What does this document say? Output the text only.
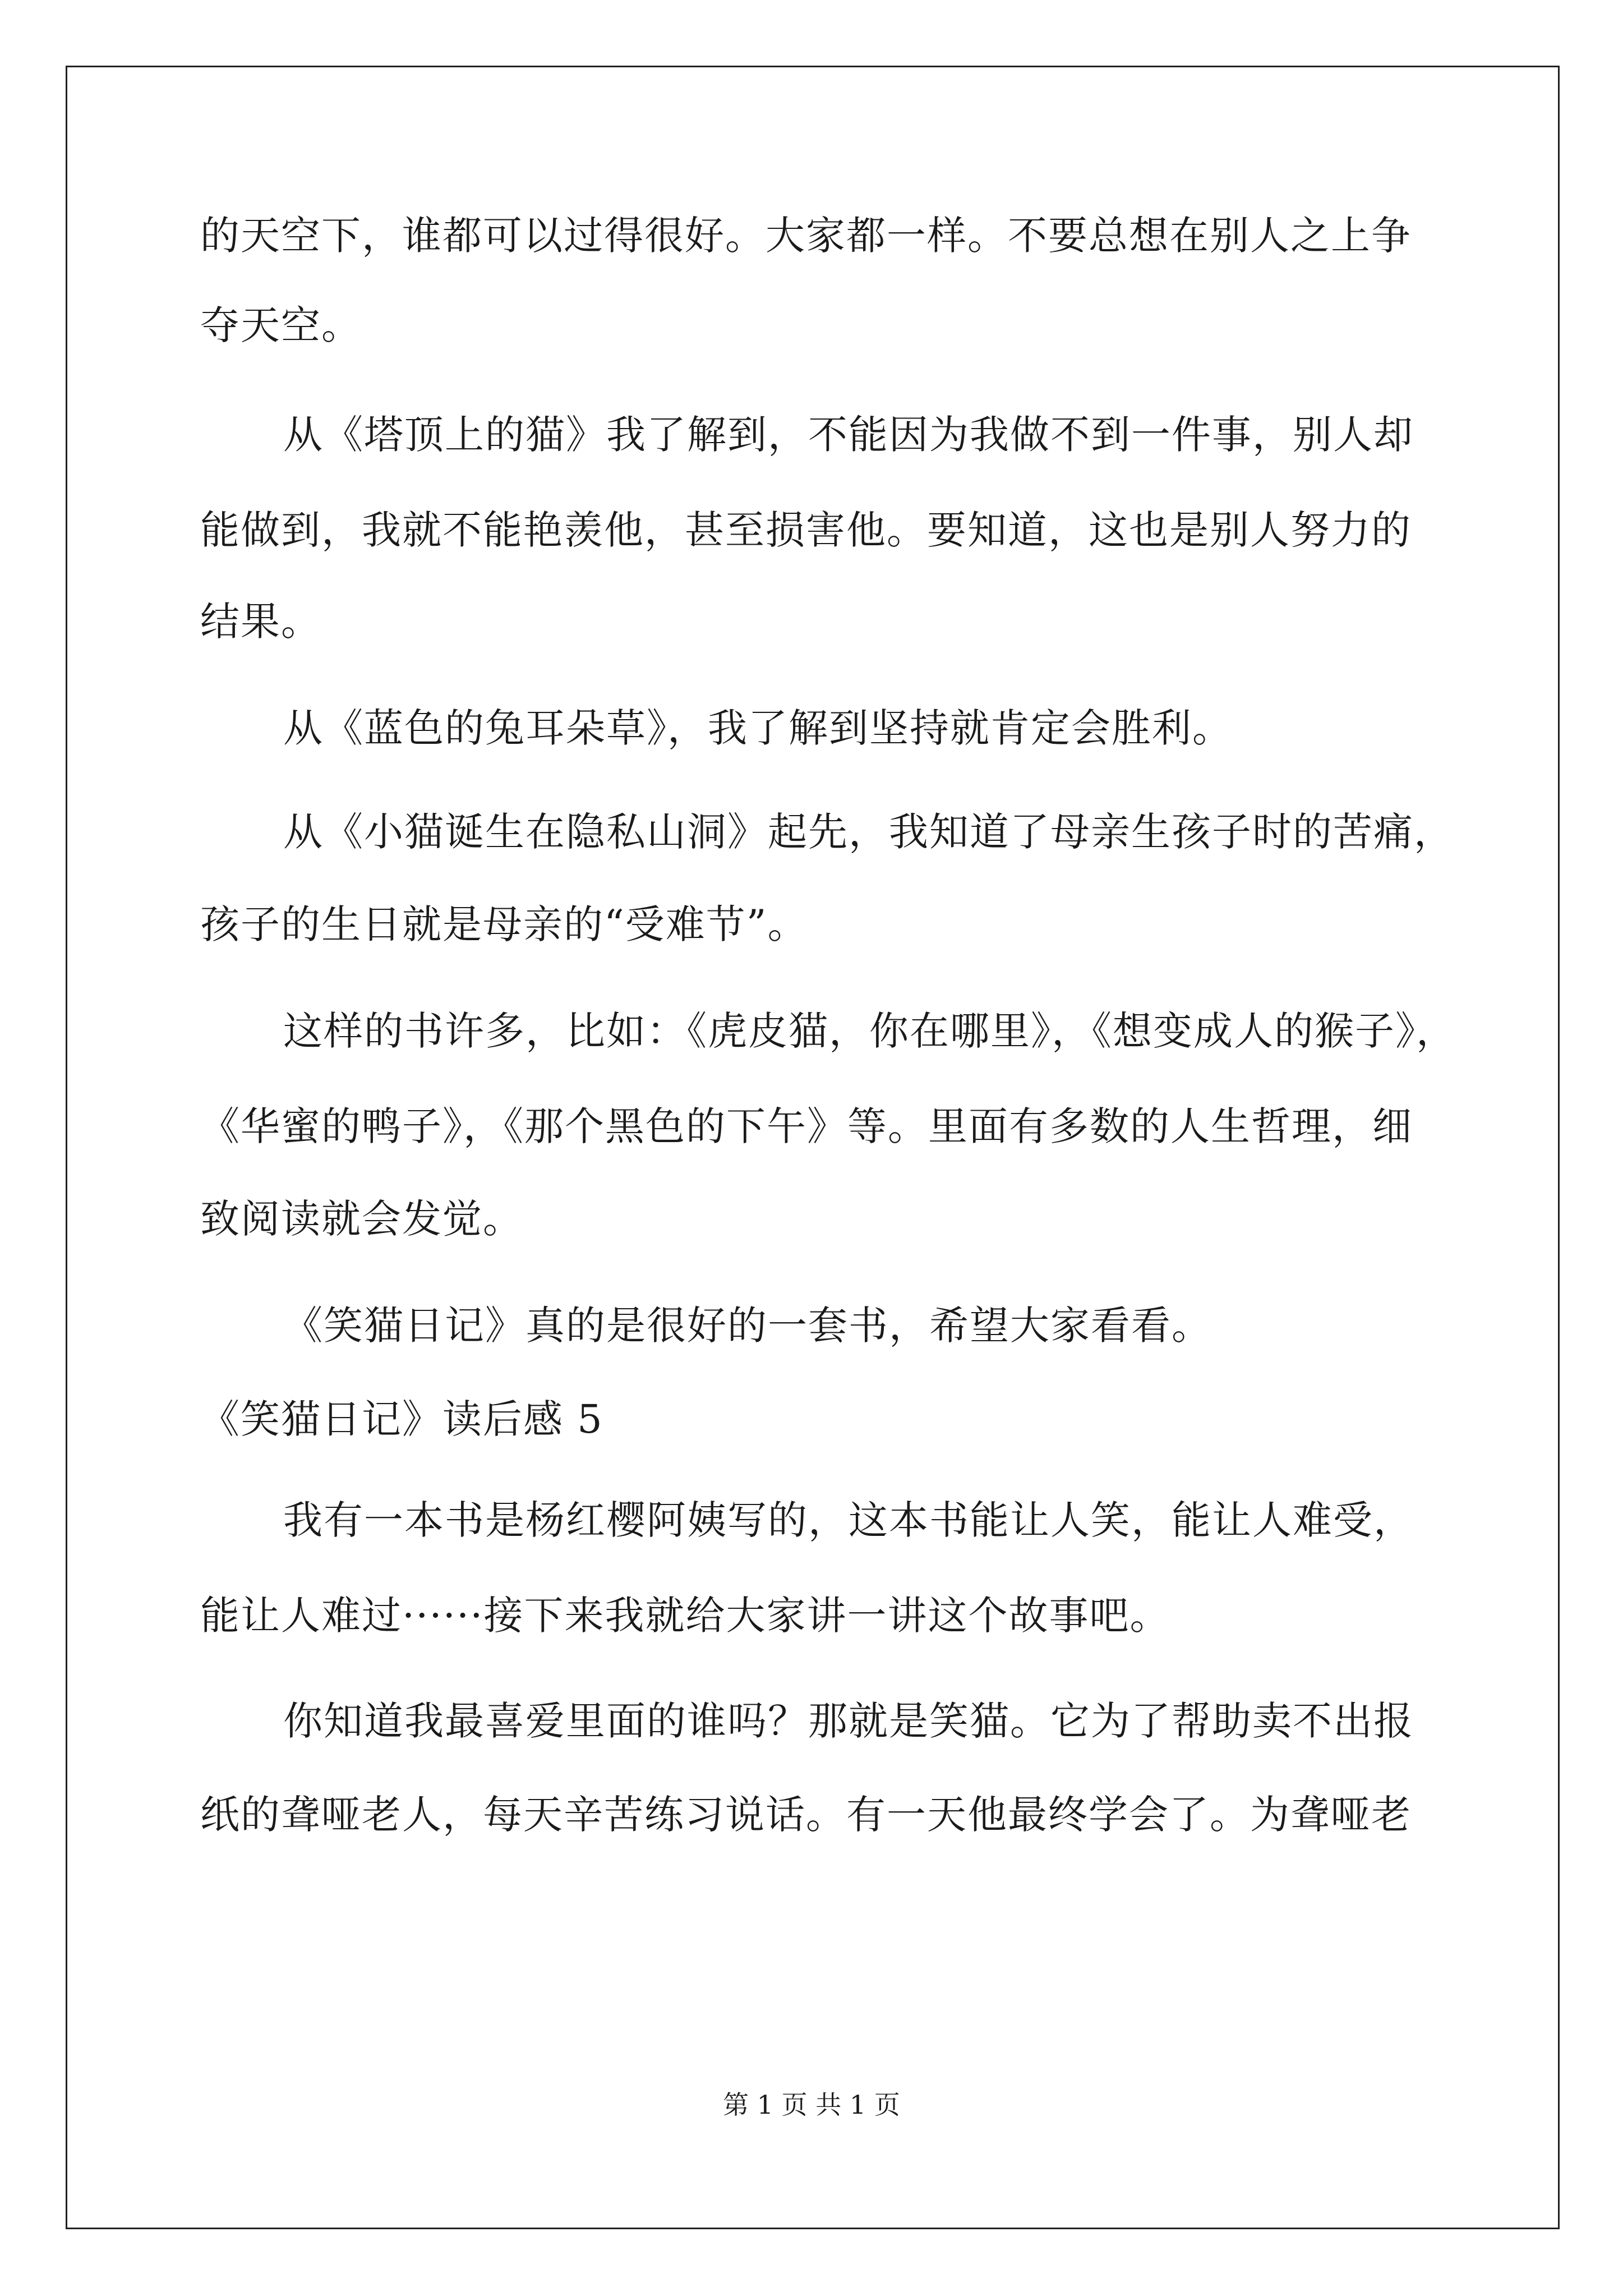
的天空下，谁都可以过得很好。大家都一样。不要总想在别人之上争
夺天空。
从《塔顶上的猫》我了解到，不能因为我做不到一件事，别人却
能做到，我就不能艳羡他，甚至损害他。要知道，这也是别人努力的
结果。
从《蓝色的兔耳朵草》，我了解到坚持就肯定会胜利。
从《小猫诞生在隐私山洞》起先，我知道了母亲生孩子时的苦痛，
孩子的生日就是母亲的“受难节”。
这样的书许多，比如：《虎皮猫，你在哪里》，《想变成人的猴子》，
《华蜜的鸭子》，《那个黑色的下午》等。里面有多数的人生哲理，细
致阅读就会发觉。
《笑猫日记》真的是很好的一套书，希望大家看看。
《笑猫日记》读后感 5
我有一本书是杨红樱阿姨写的，这本书能让人笑，能让人难受，
能让人难过······接下来我就给大家讲一讲这个故事吧。
你知道我最喜爱里面的谁吗？那就是笑猫。它为了帮助卖不出报
纸的聋哑老人，每天辛苦练习说话。有一天他最终学会了。为聋哑老
第 1 页 共 1 页
